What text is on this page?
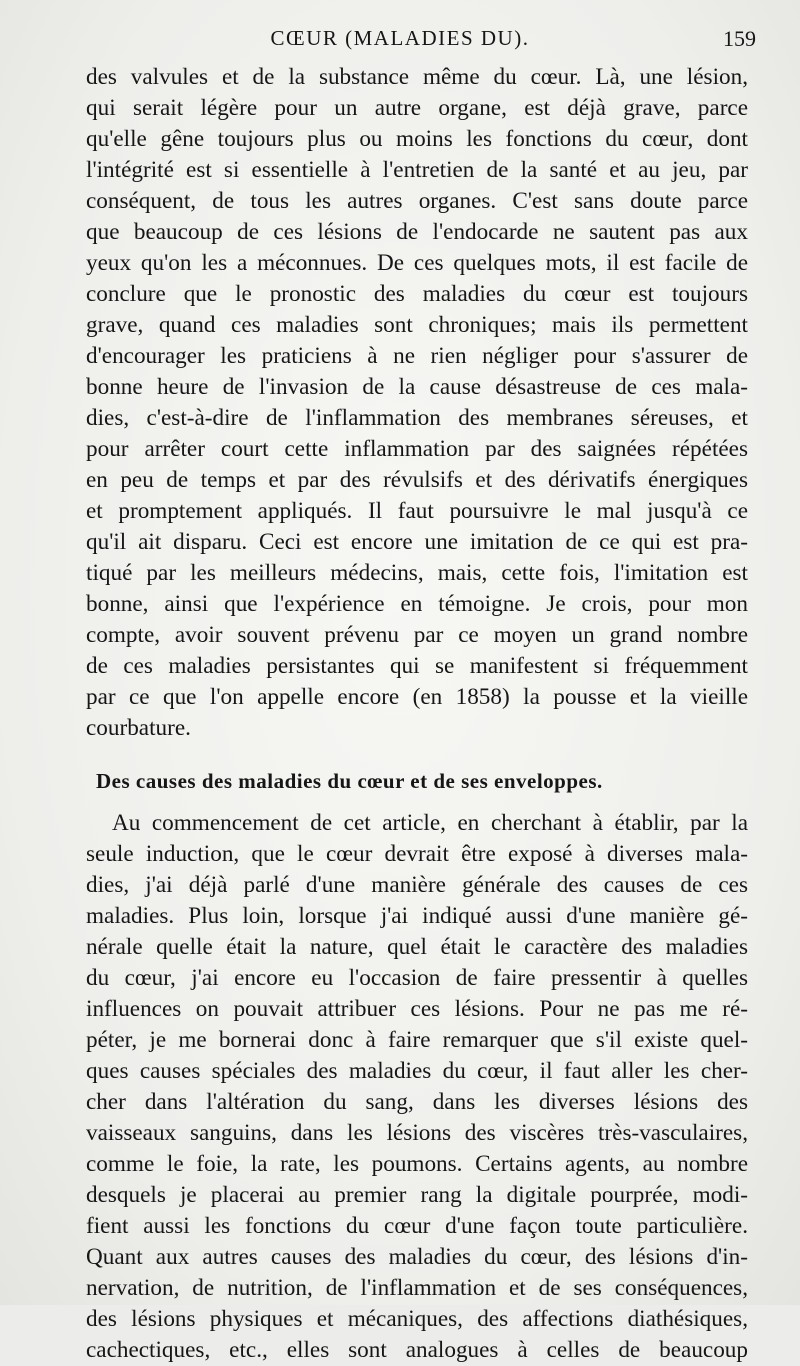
CŒUR (MALADIES DU).	159
des valvules et de la substance même du cœur. Là, une lésion,
qui serait légère pour un autre organe, est déjà grave, parce
qu'elle gêne toujours plus ou moins les fonctions du cœur, dont
l'intégrité est si essentielle à l'entretien de la santé et au jeu, par
conséquent, de tous les autres organes. C'est sans doute parce
que beaucoup de ces lésions de l'endocarde ne sautent pas aux
yeux qu'on les a méconnues. De ces quelques mots, il est facile de
conclure que le pronostic des maladies du cœur est toujours
grave, quand ces maladies sont chroniques; mais ils permettent
d'encourager les praticiens à ne rien négliger pour s'assurer de
bonne heure de l'invasion de la cause désastreuse de ces mala-
dies, c'est-à-dire de l'inflammation des membranes séreuses, et
pour arrêter court cette inflammation par des saignées répétées
en peu de temps et par des révulsifs et des dérivatifs énergiques
et promptement appliqués. Il faut poursuivre le mal jusqu'à ce
qu'il ait disparu. Ceci est encore une imitation de ce qui est pra-
tiqué par les meilleurs médecins, mais, cette fois, l'imitation est
bonne, ainsi que l'expérience en témoigne. Je crois, pour mon
compte, avoir souvent prévenu par ce moyen un grand nombre
de ces maladies persistantes qui se manifestent si fréquemment
par ce que l'on appelle encore (en 1858) la pousse et la vieille
courbature.
Des causes des maladies du cœur et de ses enveloppes.
Au commencement de cet article, en cherchant à établir, par la
seule induction, que le cœur devrait être exposé à diverses mala-
dies, j'ai déjà parlé d'une manière générale des causes de ces
maladies. Plus loin, lorsque j'ai indiqué aussi d'une manière gé-
nérale quelle était la nature, quel était le caractère des maladies
du cœur, j'ai encore eu l'occasion de faire pressentir à quelles
influences on pouvait attribuer ces lésions. Pour ne pas me ré-
péter, je me bornerai donc à faire remarquer que s'il existe quel-
ques causes spéciales des maladies du cœur, il faut aller les cher-
cher dans l'altération du sang, dans les diverses lésions des
vaisseaux sanguins, dans les lésions des viscères très-vasculaires,
comme le foie, la rate, les poumons. Certains agents, au nombre
desquels je placerai au premier rang la digitale pourprée, modi-
fient aussi les fonctions du cœur d'une façon toute particulière.
Quant aux autres causes des maladies du cœur, des lésions d'in-
nervation, de nutrition, de l'inflammation et de ses conséquences,
des lésions physiques et mécaniques, des affections diathésiques,
cachectiques, etc., elles sont analogues à celles de beaucoup
